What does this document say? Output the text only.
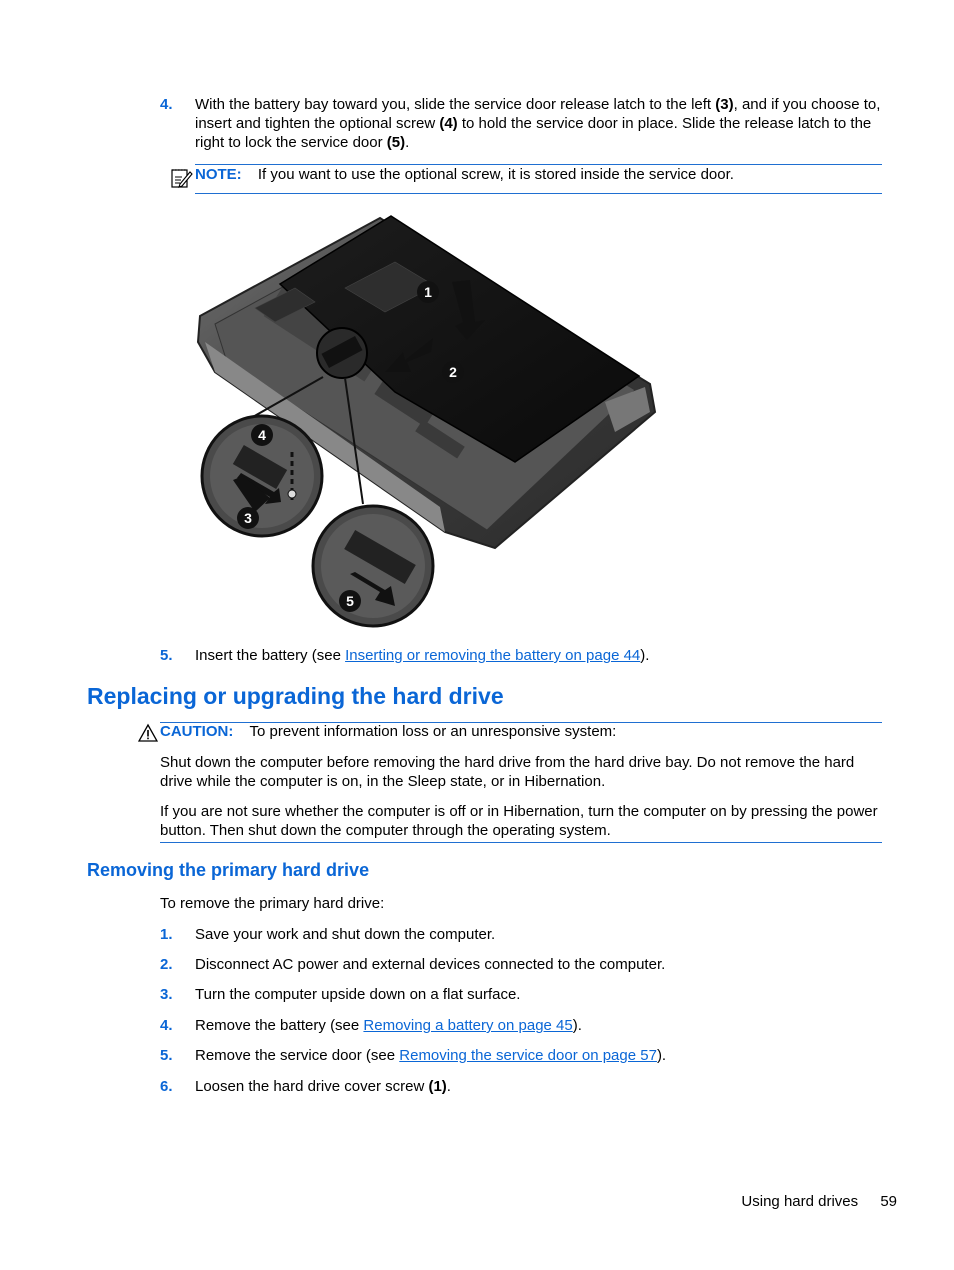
4. With the battery bay toward you, slide the service door release latch to the left (3), and if you choose to, insert and tighten the optional screw (4) to hold the service door in place. Slide the release latch to the right to lock the service door (5).
NOTE: If you want to use the optional screw, it is stored inside the service door.
1
2
4
3
5
5. Insert the battery (see Inserting or removing the battery on page 44).
Replacing or upgrading the hard drive
CAUTION: To prevent information loss or an unresponsive system:
Shut down the computer before removing the hard drive from the hard drive bay. Do not remove the hard drive while the computer is on, in the Sleep state, or in Hibernation.
If you are not sure whether the computer is off or in Hibernation, turn the computer on by pressing the power button. Then shut down the computer through the operating system.
Removing the primary hard drive
To remove the primary hard drive:
1. Save your work and shut down the computer.
2. Disconnect AC power and external devices connected to the computer.
3. Turn the computer upside down on a flat surface.
4. Remove the battery (see Removing a battery on page 45).
5. Remove the service door (see Removing the service door on page 57).
6. Loosen the hard drive cover screw (1).
Using hard drives 59
